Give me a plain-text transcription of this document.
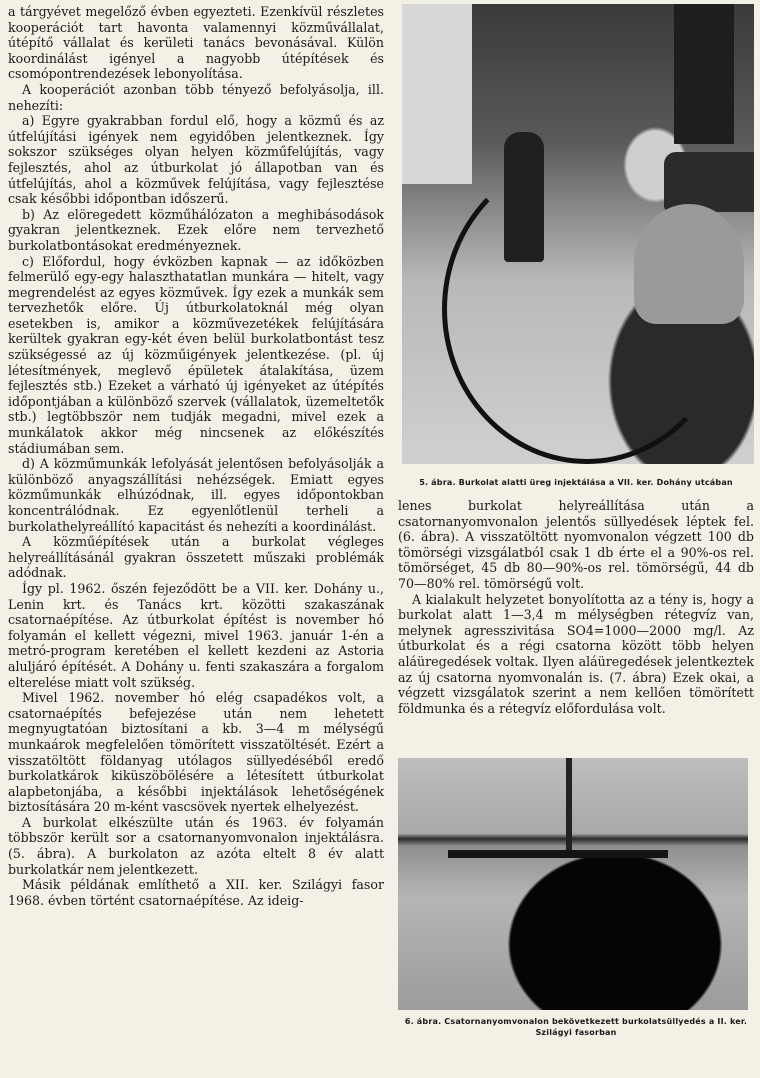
a tárgyévet megelőző évben egyezteti. Ezenkívül részletes kooperációt tart havonta valamennyi közművállalat, útépítő vállalat és kerületi tanács bevonásával. Külön koordinálást igényel a nagyobb útépítések és csomópontrendezések lebonyolítása.

A kooperációt azonban több tényező befolyásolja, ill. nehezíti:

a) Egyre gyakrabban fordul elő, hogy a közmű és az útfelújítási igények nem egyidőben jelentkeznek. Így sokszor szükséges olyan helyen közműfelújítás, vagy fejlesztés, ahol az útburkolat jó állapotban van és útfelújítás, ahol a közművek felújítása, vagy fejlesztése csak későbbi időpontban időszerű.

b) Az elöregedett közműhálózaton a meghibásodások gyakran jelentkeznek. Ezek előre nem tervezhető burkolatbontásokat eredményeznek.

c) Előfordul, hogy évközben kapnak — az időközben felmerülő egy-egy halaszthatatlan munkára — hitelt, vagy megrendelést az egyes közművek. Így ezek a munkák sem tervezhetők előre. Új útburkolatoknál még olyan esetekben is, amikor a közművezetékek felújítására kerültek gyakran egy-két éven belül burkolatbontást tesz szükségessé az új közműigények jelentkezése. (pl. új létesítmények, meglevő épületek átalakítása, üzem fejlesztés stb.) Ezeket a várható új igényeket az útépítés időpontjában a különböző szervek (vállalatok, üzemeltetők stb.) legtöbbször nem tudják megadni, mivel ezek a munkálatok akkor még nincsenek az előkészítés stádiumában sem.

d) A közműmunkák lefolyását jelentősen befolyásolják a különböző anyagszállítási nehézségek. Emiatt egyes közműmunkák elhúzódnak, ill. egyes időpontokban koncentrálódnak. Ez egyenlőtlenül terheli a burkolathelyreállító kapacitást és nehezíti a koordinálást.

A közműépítések után a burkolat végleges helyreállításánál gyakran összetett műszaki problémák adódnak.

Így pl. 1962. őszén fejeződött be a VII. ker. Dohány u., Lenin krt. és Tanács krt. közötti szakaszának csatornaépítése. Az útburkolat építést is november hó folyamán el kellett végezni, mivel 1963. január 1-én a metró-program keretében el kellett kezdeni az Astoria aluljáró építését. A Dohány u. fenti szakaszára a forgalom elterelése miatt volt szükség.

Mivel 1962. november hó elég csapadékos volt, a csatornaépítés befejezése után nem lehetett megnyugtatóan biztosítani a kb. 3—4 m mélységű munkaárok megfelelően tömörített visszatöltését. Ezért a visszatöltött földanyag utólagos süllyedéséből eredő burkolatkárok kiküszöbölésére a létesített útburkolat alapbetonjába, a későbbi injektálások lehetőségének biztosítására 20 m-ként vascsövek nyertek elhelyezést.

A burkolat elkészülte után és 1963. év folyamán többször került sor a csatornanyomvonalon injektálásra. (5. ábra). A burkolaton az azóta eltelt 8 év alatt burkolatkár nem jelentkezett.

Másik példának említhető a XII. ker. Szilágyi fasor 1968. évben történt csatornaépítése. Az ideig-

5. ábra. Burkolat alatti üreg injektálása a VII. ker. Dohány utcában

lenes burkolat helyreállítása után a csatornanyomvonalon jelentős süllyedések léptek fel. (6. ábra). A visszatöltött nyomvonalon végzett 100 db tömörségi vizsgálatból csak 1 db érte el a 90%-os rel. tömörséget, 45 db 80—90%-os rel. tömörségű, 44 db 70—80% rel. tömörségű volt.

A kialakult helyzetet bonyolította az a tény is, hogy a burkolat alatt 1—3,4 m mélységben rétegvíz van, melynek agresszivitása SO4=1000—2000 mg/l. Az útburkolat és a régi csatorna között több helyen aláüregedések voltak. Ilyen aláüregedések jelentkeztek az új csatorna nyomvonalán is. (7. ábra) Ezek okai, a végzett vizsgálatok szerint a nem kellően tömörített földmunka és a rétegvíz előfordulása volt.

6. ábra. Csatornanyomvonalon bekövetkezett burkolatsüllyedés a II. ker. Szilágyi fasorban
